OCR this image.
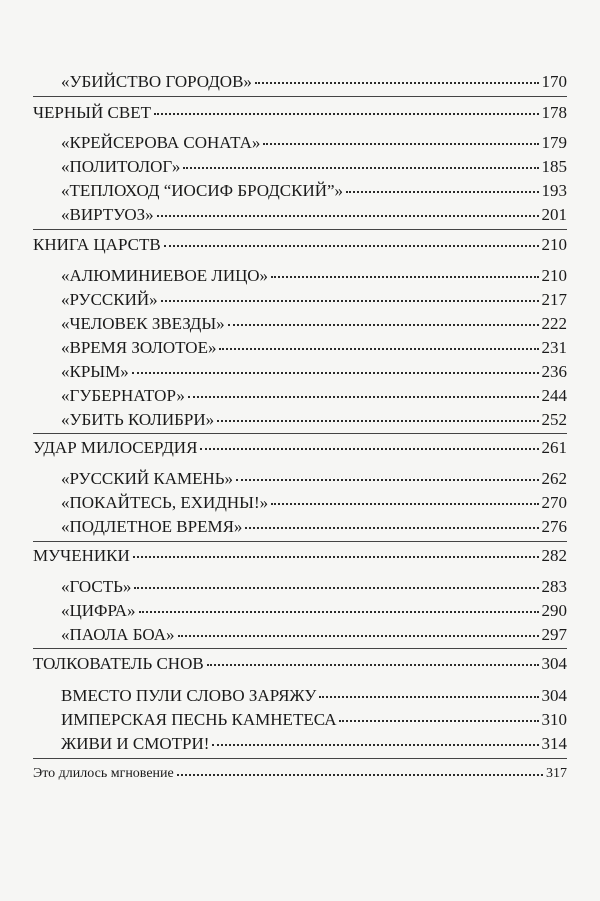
«УБИЙСТВО ГОРОДОВ»	170
ЧЕРНЫЙ СВЕТ	178
«КРЕЙСЕРОВА СОНАТА»	179
«ПОЛИТОЛОГ»	185
«ТЕПЛОХОД “ИОСИФ БРОДСКИЙ”»	193
«ВИРТУОЗ»	201
КНИГА ЦАРСТВ	210
«АЛЮМИНИЕВОЕ ЛИЦО»	210
«РУССКИЙ»	217
«ЧЕЛОВЕК ЗВЕЗДЫ»	222
«ВРЕМЯ ЗОЛОТОЕ»	231
«КРЫМ»	236
«ГУБЕРНАТОР»	244
«УБИТЬ КОЛИБРИ»	252
УДАР МИЛОСЕРДИЯ	261
«РУССКИЙ КАМЕНЬ»	262
«ПОКАЙТЕСЬ, ЕХИДНЫ!»	270
«ПОДЛЕТНОЕ ВРЕМЯ»	276
МУЧЕНИКИ	282
«ГОСТЬ»	283
«ЦИФРА»	290
«ПАОЛА БОА»	297
ТОЛКОВАТЕЛЬ СНОВ	304
ВМЕСТО ПУЛИ СЛОВО ЗАРЯЖУ	304
ИМПЕРСКАЯ ПЕСНЬ КАМНЕТЕСА	310
ЖИВИ И СМОТРИ!	314
Это длилось мгновение	317
